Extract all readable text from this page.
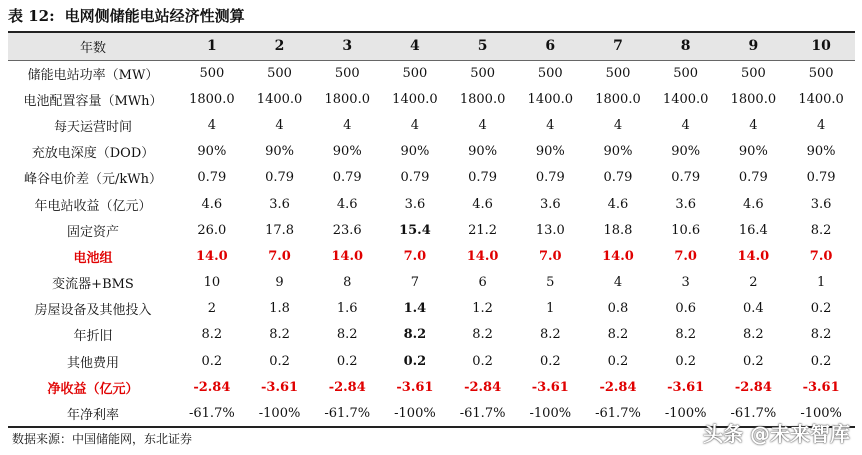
表 12: 电网侧储能电站经济性测算
年数	1	2	3	4	5	6	7	8	9	10
储能电站功率（MW）	500	500	500	500	500	500	500	500	500	500
电池配置容量（MWh）	1800.0	1400.0	1800.0	1400.0	1800.0	1400.0	1800.0	1400.0	1800.0	1400.0
每天运营时间	4	4	4	4	4	4	4	4	4	4
充放电深度（DOD）	90%	90%	90%	90%	90%	90%	90%	90%	90%	90%
峰谷电价差（元/kWh）	0.79	0.79	0.79	0.79	0.79	0.79	0.79	0.79	0.79	0.79
年电站收益（亿元）	4.6	3.6	4.6	3.6	4.6	3.6	4.6	3.6	4.6	3.6
固定资产	26.0	17.8	23.6	15.4	21.2	13.0	18.8	10.6	16.4	8.2
电池组	14.0	7.0	14.0	7.0	14.0	7.0	14.0	7.0	14.0	7.0
变流器+BMS	10	9	8	7	6	5	4	3	2	1
房屋设备及其他投入	2	1.8	1.6	1.4	1.2	1	0.8	0.6	0.4	0.2
年折旧	8.2	8.2	8.2	8.2	8.2	8.2	8.2	8.2	8.2	8.2
其他费用	0.2	0.2	0.2	0.2	0.2	0.2	0.2	0.2	0.2	0.2
净收益（亿元）	-2.84	-3.61	-2.84	-3.61	-2.84	-3.61	-2.84	-3.61	-2.84	-3.61
年净利率	-61.7%	-100%	-61.7%	-100%	-61.7%	-100%	-61.7%	-100%	-61.7%	-100%
数据来源：中国储能网，东北证券	头条 @未来智库
